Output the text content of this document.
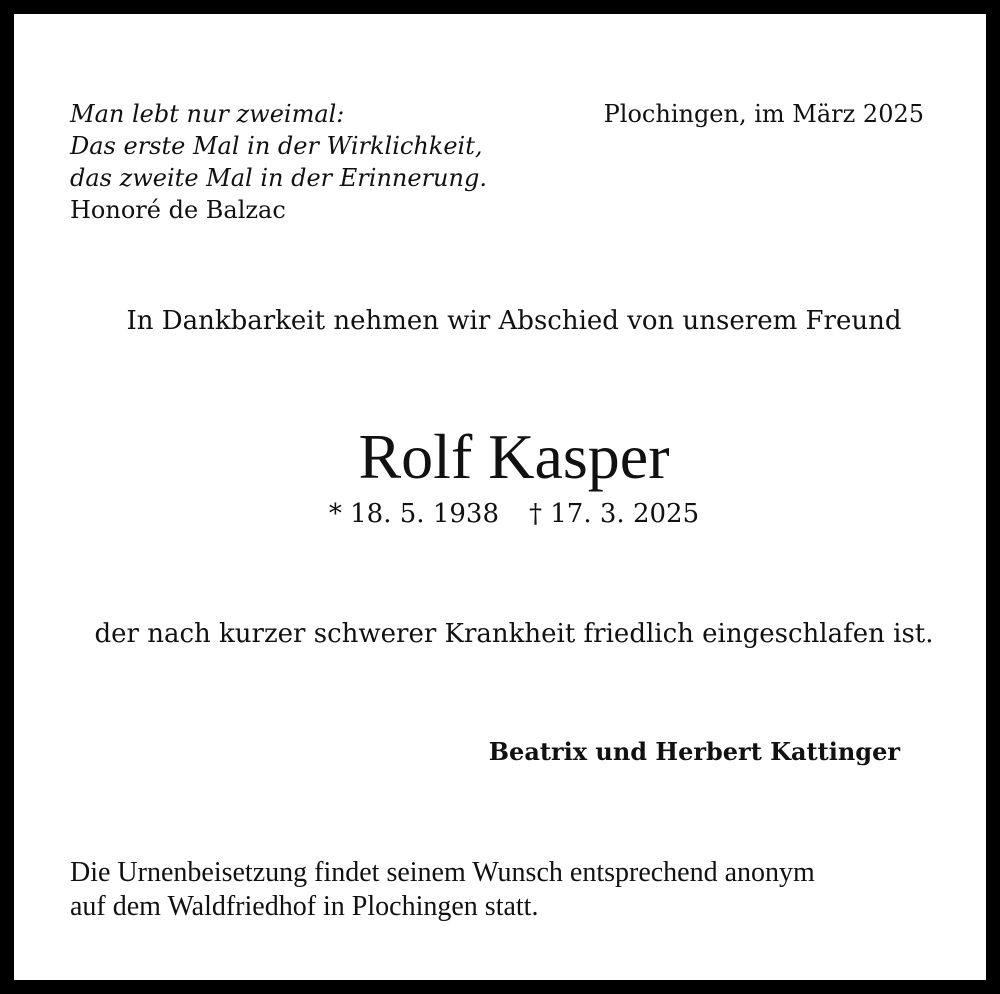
Man lebt nur zweimal:
Das erste Mal in der Wirklichkeit,
das zweite Mal in der Erinnerung.
Honoré de Balzac
Plochingen, im März 2025
In Dankbarkeit nehmen wir Abschied von unserem Freund
Rolf Kasper
* 18. 5. 1938 † 17. 3. 2025
der nach kurzer schwerer Krankheit friedlich eingeschlafen ist.
Beatrix und Herbert Kattinger
Die Urnenbeisetzung findet seinem Wunsch entsprechend anonym
auf dem Waldfriedhof in Plochingen statt.
